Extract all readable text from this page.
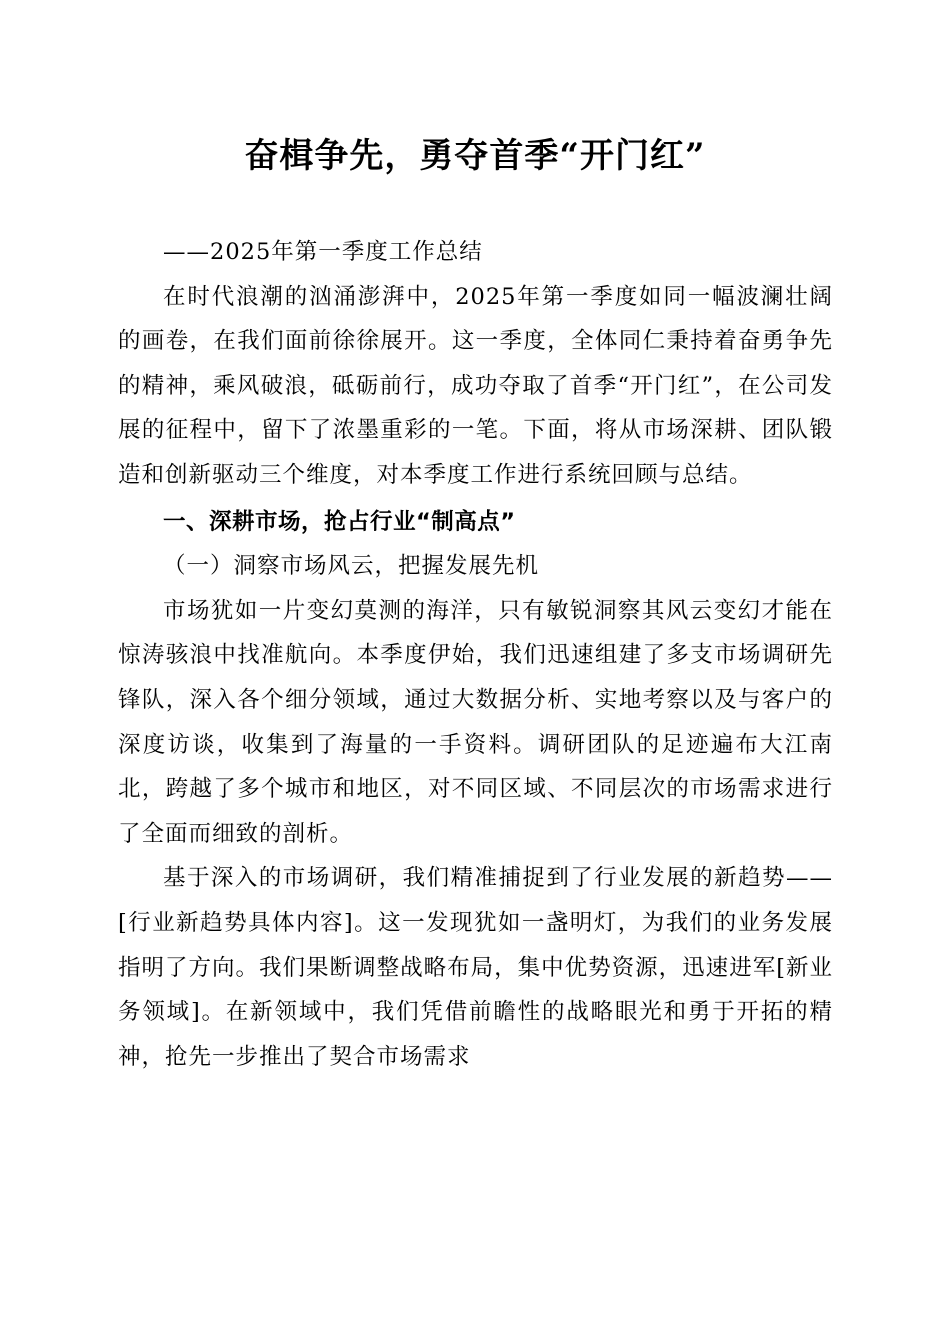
奋楫争先，勇夺首季“开门红”

——2025年第一季度工作总结

在时代浪潮的汹涌澎湃中，2025年第一季度如同一幅波澜壮阔的画卷，在我们面前徐徐展开。这一季度，全体同仁秉持着奋勇争先的精神，乘风破浪，砥砺前行，成功夺取了首季“开门红”，在公司发展的征程中，留下了浓墨重彩的一笔。下面，将从市场深耕、团队锻造和创新驱动三个维度，对本季度工作进行系统回顾与总结。

一、深耕市场，抢占行业“制高点”

（一）洞察市场风云，把握发展先机

市场犹如一片变幻莫测的海洋，只有敏锐洞察其风云变幻才能在惊涛骇浪中找准航向。本季度伊始，我们迅速组建了多支市场调研先锋队，深入各个细分领域，通过大数据分析、实地考察以及与客户的深度访谈，收集到了海量的一手资料。调研团队的足迹遍布大江南北，跨越了多个城市和地区，对不同区域、不同层次的市场需求进行了全面而细致的剖析。

基于深入的市场调研，我们精准捕捉到了行业发展的新趋势——[行业新趋势具体内容]。这一发现犹如一盏明灯，为我们的业务发展指明了方向。我们果断调整战略布局，集中优势资源，迅速进军[新业务领域]。在新领域中，我们凭借前瞻性的战略眼光和勇于开拓的精神，抢先一步推出了契合市场需求
